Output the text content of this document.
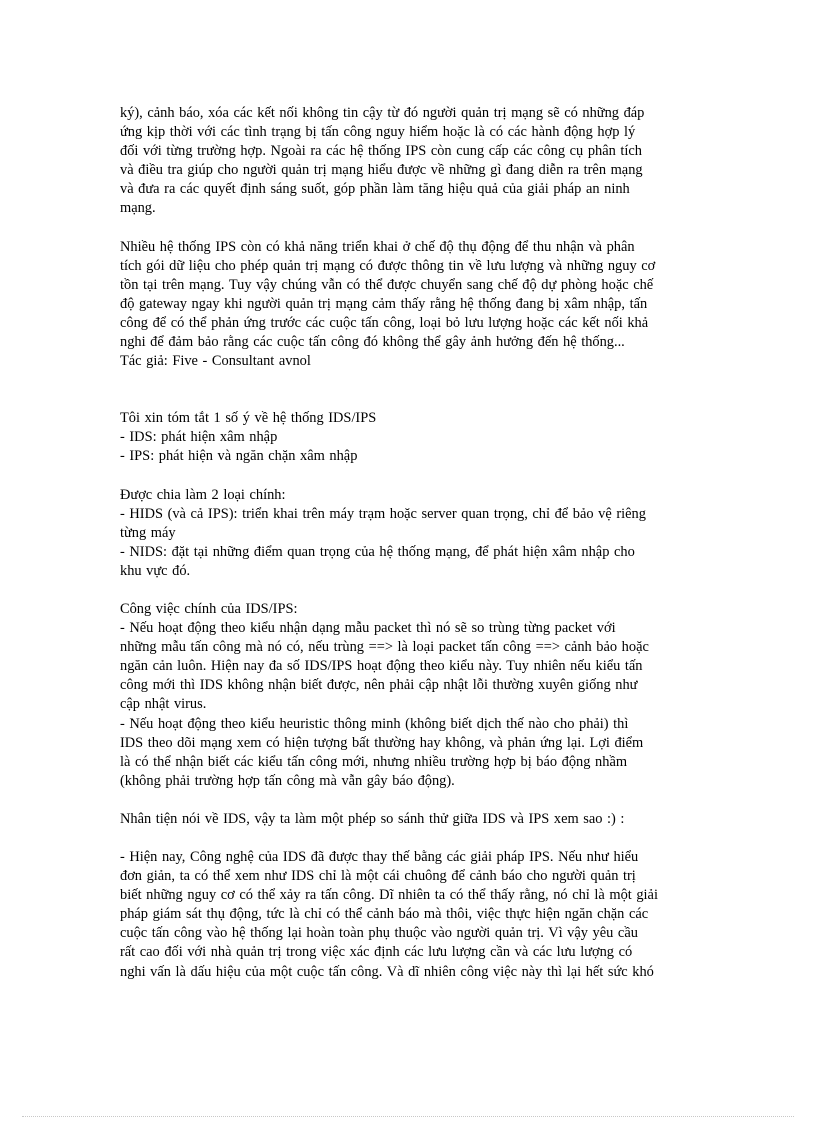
ký), cảnh báo, xóa các kết nối không tin cậy từ đó người quản trị mạng sẽ có những đáp
ứng kịp thời với các tình trạng bị tấn công nguy hiểm hoặc là có các hành động hợp lý
đối với từng trường hợp. Ngoài ra các hệ thống IPS còn cung cấp các công cụ phân tích
và điều tra giúp cho người quản trị mạng hiểu được về những gì đang diễn ra trên mạng
và đưa ra các quyết định sáng suốt, góp phần làm tăng hiệu quả của giải pháp an ninh
mạng.
Nhiều hệ thống IPS còn có khả năng triển khai ở chế độ thụ động để thu nhận và phân
tích gói dữ liệu cho phép quản trị mạng có được thông tin về lưu lượng và những nguy cơ
tồn tại trên mạng. Tuy vậy chúng vẫn có thể được chuyển sang chế độ dự phòng hoặc chế
độ gateway ngay khi người quản trị mạng cảm thấy rằng hệ thống đang bị xâm nhập, tấn
công để có thể phản ứng trước các cuộc tấn công, loại bỏ lưu lượng hoặc các kết nối khả
nghi để đảm bảo rằng các cuộc tấn công đó không thể gây ảnh hưởng đến hệ thống...
Tác giả: Five - Consultant avnol
Tôi xin tóm tắt 1 số ý về hệ thống IDS/IPS
- IDS: phát hiện xâm nhập
- IPS: phát hiện và ngăn chặn xâm nhập
Được chia làm 2 loại chính:
- HIDS (và cả IPS): triển khai trên máy trạm hoặc server quan trọng, chỉ để bảo vệ riêng
từng máy
- NIDS: đặt tại những điểm quan trọng của hệ thống mạng, để phát hiện xâm nhập cho
khu vực đó.
Công việc chính của IDS/IPS:
- Nếu hoạt động theo kiểu nhận dạng mẫu packet thì nó sẽ so trùng từng packet với
những mẫu tấn công mà nó có, nếu trùng ==> là loại packet tấn công ==> cảnh bảo hoặc
ngăn cản luôn. Hiện nay đa số IDS/IPS hoạt động theo kiểu này. Tuy nhiên nếu kiểu tấn
công mới thì IDS không nhận biết được, nên phải cập nhật lỗi thường xuyên giống như
cập nhật virus.
- Nếu hoạt động theo kiểu heuristic thông minh (không biết dịch thế nào cho phải) thì
IDS theo dõi mạng xem có hiện tượng bất thường hay không, và phản ứng lại. Lợi điểm
là có thể nhận biết các kiểu tấn công mới, nhưng nhiều trường hợp bị báo động nhầm
(không phải trường hợp tấn công mà vẫn gây báo động).
Nhân tiện nói về IDS, vậy ta làm một phép so sánh thử giữa IDS và IPS xem sao :) :
- Hiện nay, Công nghệ của IDS đã được thay thế bằng các giải pháp IPS. Nếu như hiểu
đơn giản, ta có thể xem như IDS chỉ là một cái chuông để cảnh báo cho người quản trị
biết những nguy cơ có thể xảy ra tấn công. Dĩ nhiên ta có thể thấy rằng, nó chỉ là một giải
pháp giám sát thụ động, tức là chỉ có thể cảnh báo mà thôi, việc thực hiện ngăn chặn các
cuộc tấn công vào hệ thống lại hoàn toàn phụ thuộc vào người quản trị. Vì vậy yêu cầu
rất cao đối với nhà quản trị trong việc xác định các lưu lượng cần và các lưu lượng có
nghi vấn là dấu hiệu của một cuộc tấn công. Và dĩ nhiên công việc này thì lại hết sức khó
